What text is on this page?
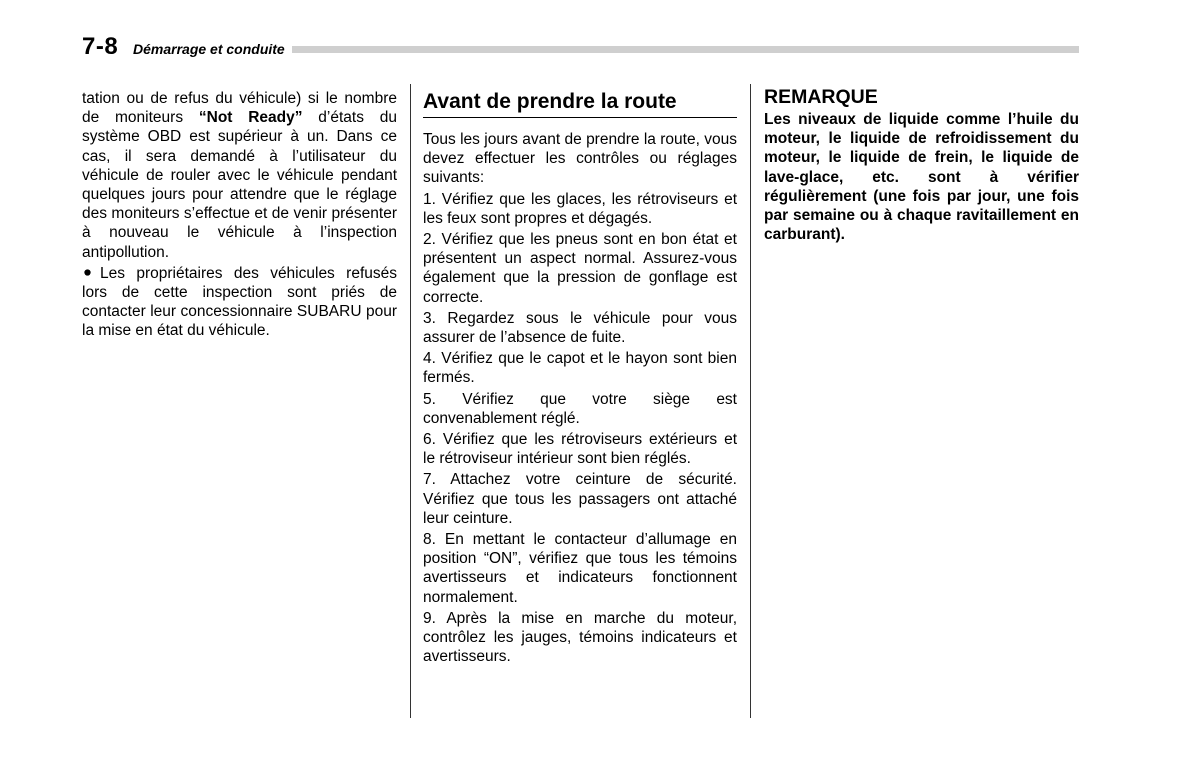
7-8 Démarrage et conduite

tation ou de refus du véhicule) si le nombre de moniteurs “Not Ready” d’états du système OBD est supérieur à un. Dans ce cas, il sera demandé à l’utilisateur du véhicule de rouler avec le véhicule pendant quelques jours pour attendre que le réglage des moniteurs s’effectue et de venir présenter à nouveau le véhicule à l’inspection antipollution.

Les propriétaires des véhicules refusés lors de cette inspection sont priés de contacter leur concessionnaire SUBARU pour la mise en état du véhicule.

Avant de prendre la route

Tous les jours avant de prendre la route, vous devez effectuer les contrôles ou réglages suivants:

1. Vérifiez que les glaces, les rétroviseurs et les feux sont propres et dégagés.

2. Vérifiez que les pneus sont en bon état et présentent un aspect normal. Assurez-vous également que la pression de gonflage est correcte.

3. Regardez sous le véhicule pour vous assurer de l’absence de fuite.

4. Vérifiez que le capot et le hayon sont bien fermés.

5. Vérifiez que votre siège est convenablement réglé.

6. Vérifiez que les rétroviseurs extérieurs et le rétroviseur intérieur sont bien réglés.

7. Attachez votre ceinture de sécurité. Vérifiez que tous les passagers ont attaché leur ceinture.

8. En mettant le contacteur d’allumage en position “ON”, vérifiez que tous les témoins avertisseurs et indicateurs fonctionnent normalement.

9. Après la mise en marche du moteur, contrôlez les jauges, témoins indicateurs et avertisseurs.

REMARQUE

Les niveaux de liquide comme l’huile du moteur, le liquide de refroidissement du moteur, le liquide de frein, le liquide de lave-glace, etc. sont à vérifier régulièrement (une fois par jour, une fois par semaine ou à chaque ravitaillement en carburant).
